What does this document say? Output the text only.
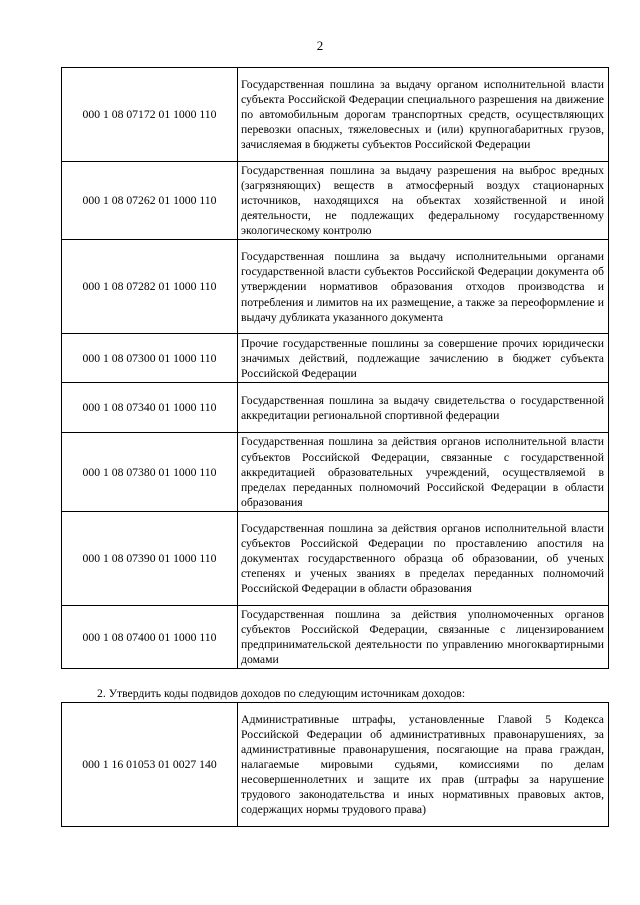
2
000 1 08 07172 01 1000 110	Государственная пошлина за выдачу органом исполнительной власти субъекта Российской Федерации специального разрешения на движение по автомобильным дорогам транспортных средств, осуществляющих перевозки опасных, тяжеловесных и (или) крупногабаритных грузов, зачисляемая в бюджеты субъектов Российской Федерации
000 1 08 07262 01 1000 110	Государственная пошлина за выдачу разрешения на выброс вредных (загрязняющих) веществ в атмосферный воздух стационарных источников, находящихся на объектах хозяйственной и иной деятельности, не подлежащих федеральному государственному экологическому контролю
000 1 08 07282 01 1000 110	Государственная пошлина за выдачу исполнительными органами государственной власти субъектов Российской Федерации документа об утверждении нормативов образования отходов производства и потребления и лимитов на их размещение, а также за переоформление и выдачу дубликата указанного документа
000 1 08 07300 01 1000 110	Прочие государственные пошлины за совершение прочих юридически значимых действий, подлежащие зачислению в бюджет субъекта Российской Федерации
000 1 08 07340 01 1000 110	Государственная пошлина за выдачу свидетельства о государственной аккредитации региональной спортивной федерации
000 1 08 07380 01 1000 110	Государственная пошлина за действия органов исполнительной власти субъектов Российской Федерации, связанные с государственной аккредитацией образовательных учреждений, осуществляемой в пределах переданных полномочий Российской Федерации в области образования
000 1 08 07390 01 1000 110	Государственная пошлина за действия органов исполнительной власти субъектов Российской Федерации по проставлению апостиля на документах государственного образца об образовании, об ученых степенях и ученых званиях в пределах переданных полномочий Российской Федерации в области образования
000 1 08 07400 01 1000 110	Государственная пошлина за действия уполномоченных органов субъектов Российской Федерации, связанные с лицензированием предпринимательской деятельности по управлению многоквартирными домами
2. Утвердить коды подвидов доходов по следующим источникам доходов:
000 1 16 01053 01 0027 140	Административные штрафы, установленные Главой 5 Кодекса Российской Федерации об административных правонарушениях, за административные правонарушения, посягающие на права граждан, налагаемые мировыми судьями, комиссиями по делам несовершеннолетних и защите их прав (штрафы за нарушение трудового законодательства и иных нормативных правовых актов, содержащих нормы трудового права)
